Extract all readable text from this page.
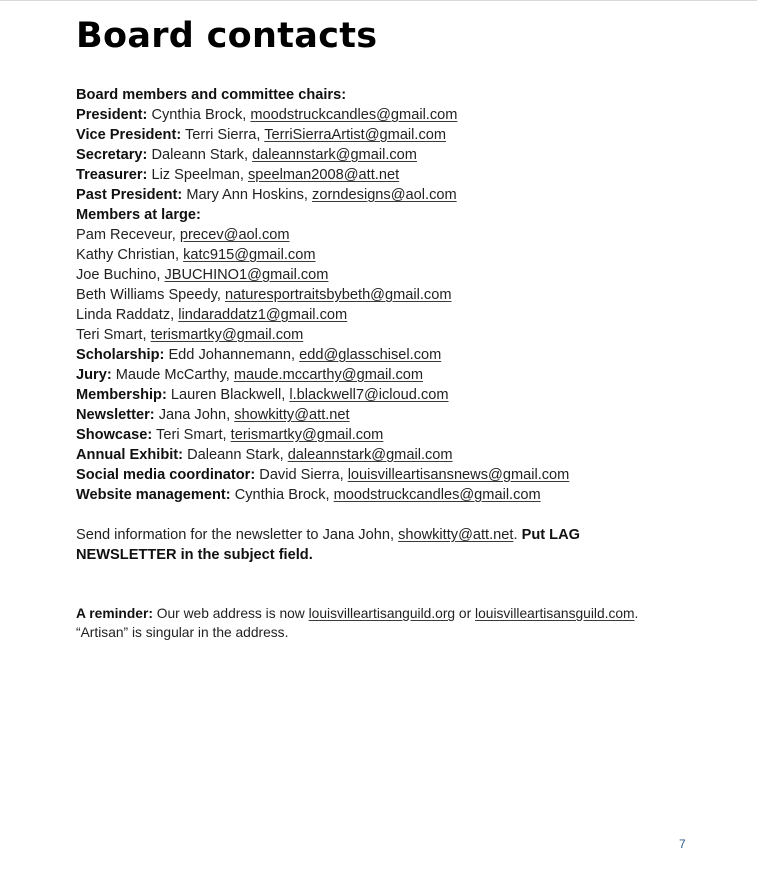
Board contacts
Board members and committee chairs:
President: Cynthia Brock, moodstruckcandles@gmail.com
Vice President: Terri Sierra, TerriSierraArtist@gmail.com
Secretary: Daleann Stark, daleannstark@gmail.com
Treasurer: Liz Speelman, speelman2008@att.net
Past President: Mary Ann Hoskins, zorndesigns@aol.com
Members at large:
Pam Receveur, precev@aol.com
Kathy Christian, katc915@gmail.com
Joe Buchino, JBUCHINO1@gmail.com
Beth Williams Speedy, naturesportraitsbybeth@gmail.com
Linda Raddatz, lindaraddatz1@gmail.com
Teri Smart, terismartky@gmail.com
Scholarship: Edd Johannemann, edd@glasschisel.com
Jury: Maude McCarthy, maude.mccarthy@gmail.com
Membership: Lauren Blackwell, l.blackwell7@icloud.com
Newsletter: Jana John, showkitty@att.net
Showcase: Teri Smart, terismartky@gmail.com
Annual Exhibit: Daleann Stark, daleannstark@gmail.com
Social media coordinator: David Sierra, louisvilleartisansnews@gmail.com
Website management: Cynthia Brock, moodstruckcandles@gmail.com
Send information for the newsletter to Jana John, showkitty@att.net. Put LAG NEWSLETTER in the subject field.
A reminder: Our web address is now louisvilleartisanguild.org or louisvilleartisansguild.com.
“Artisan” is singular in the address.
7
